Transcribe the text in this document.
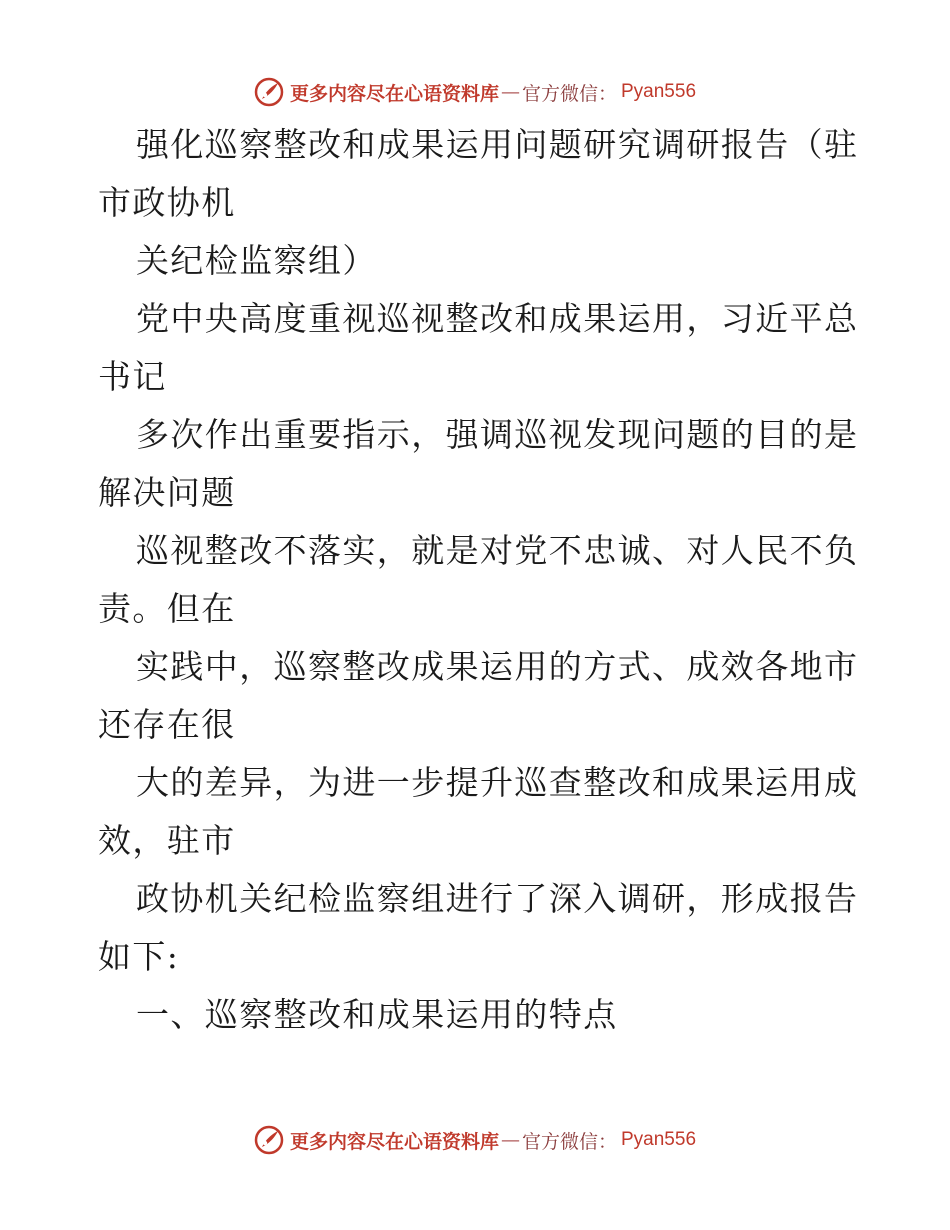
更多内容尽在心语资料库 — 官方微信： Pyan556
强化巡察整改和成果运用问题研究调研报告（驻
市政协机
关纪检监察组）
党中央高度重视巡视整改和成果运用，习近平总
书记
多次作出重要指示，强调巡视发现问题的目的是
解决问题
巡视整改不落实，就是对党不忠诚、对人民不负
责。但在
实践中，巡察整改成果运用的方式、成效各地市
还存在很
大的差异，为进一步提升巡查整改和成果运用成
效，驻市
政协机关纪检监察组进行了深入调研，形成报告
如下:
一、巡察整改和成果运用的特点
更多内容尽在心语资料库 — 官方微信： Pyan556
